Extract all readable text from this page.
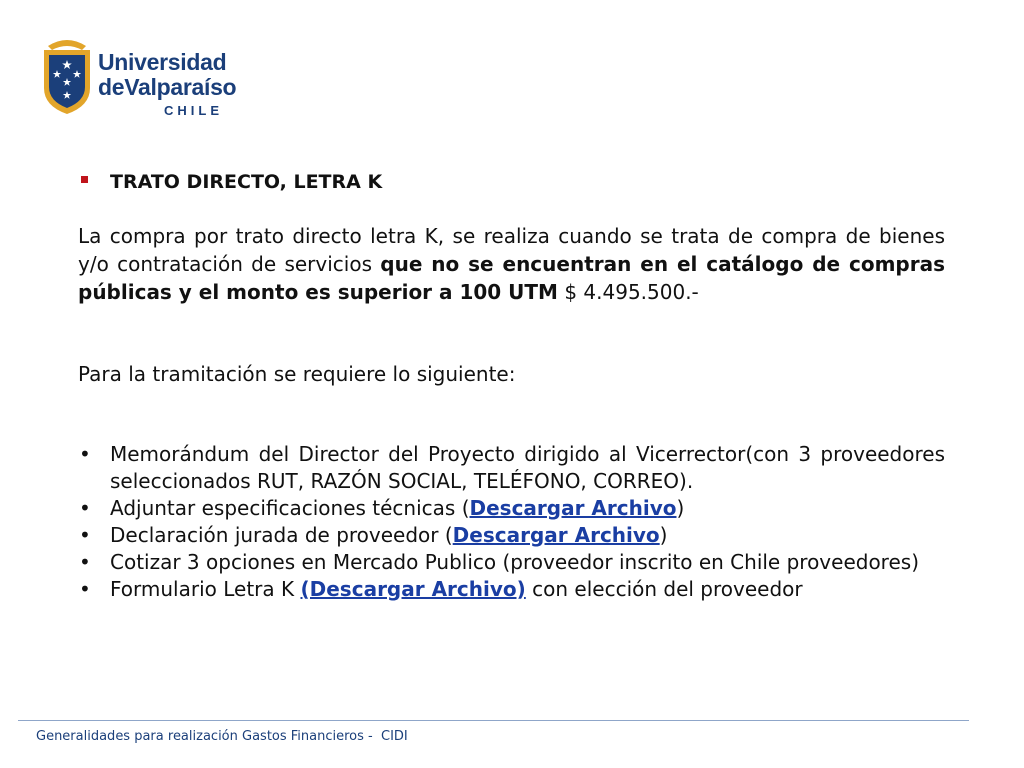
Universidad
deValparaíso
CHILE
TRATO DIRECTO, LETRA K
La compra por trato directo letra K, se realiza cuando se trata de compra de bienes y/o contratación de servicios que no se encuentran en el catálogo de compras públicas y el monto es superior a 100 UTM $ 4.495.500.-
Para la tramitación se requiere lo siguiente:
• Memorándum del Director del Proyecto dirigido al Vicerrector(con 3 proveedores seleccionados RUT, RAZÓN SOCIAL, TELÉFONO, CORREO).
• Adjuntar especificaciones técnicas (Descargar Archivo)
• Declaración jurada de proveedor (Descargar Archivo)
• Cotizar 3 opciones en Mercado Publico (proveedor inscrito en Chile proveedores)
• Formulario Letra K (Descargar Archivo) con elección del proveedor
Generalidades para realización Gastos Financieros -  CIDI
